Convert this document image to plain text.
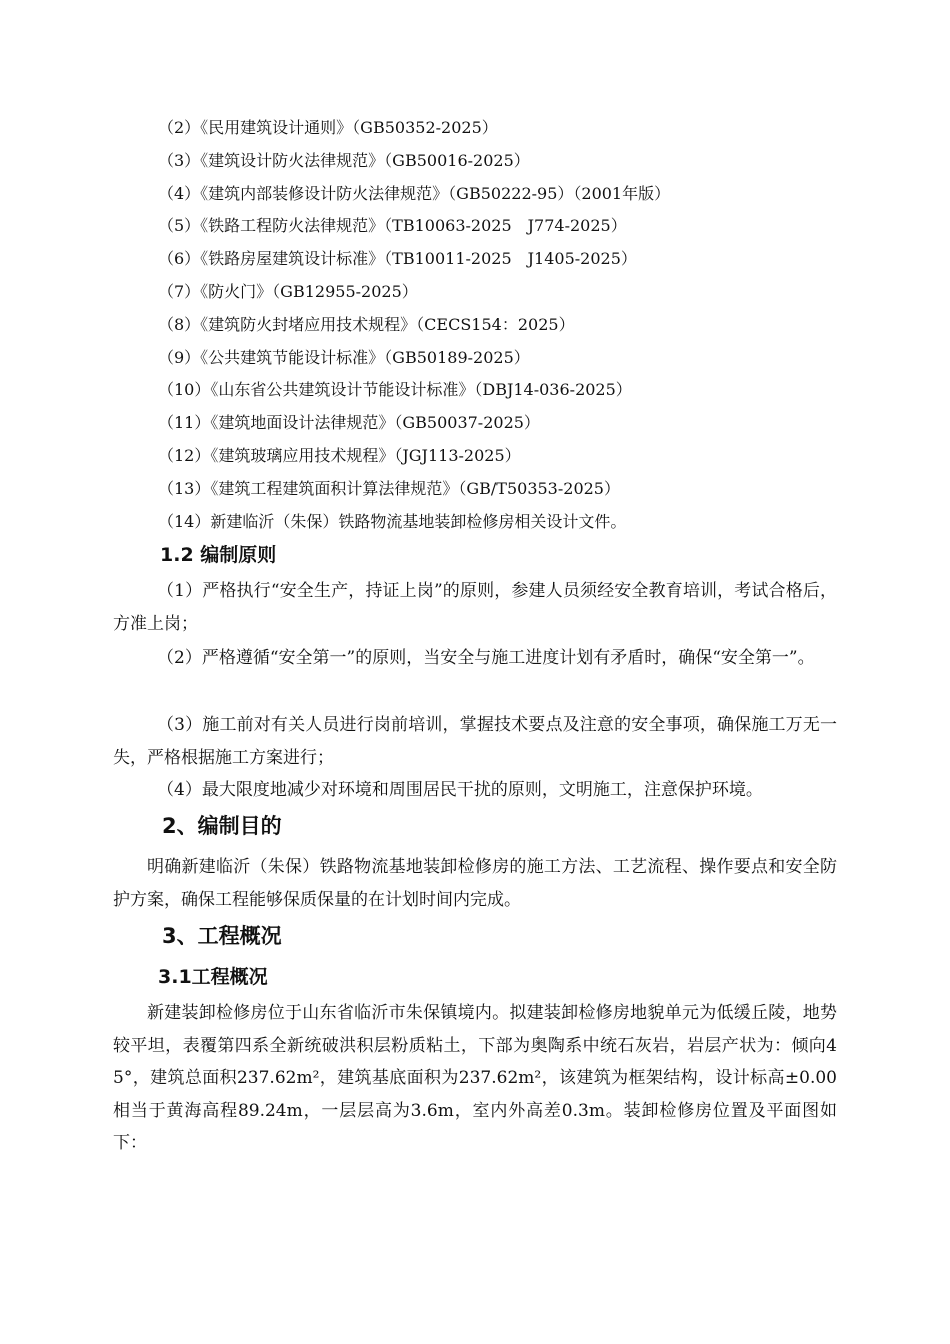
（2）《民用建筑设计通则》（GB50352-2025）
（3）《建筑设计防火法律规范》（GB50016-2025）
（4）《建筑内部装修设计防火法律规范》（GB50222-95）（2001年版）
（5）《铁路工程防火法律规范》（TB10063-2025　J774-2025）
（6）《铁路房屋建筑设计标准》（TB10011-2025　J1405-2025）
（7）《防火门》（GB12955-2025）
（8）《建筑防火封堵应用技术规程》（CECS154：2025）
（9）《公共建筑节能设计标准》（GB50189-2025）
（10）《山东省公共建筑设计节能设计标准》（DBJ14-036-2025）
（11）《建筑地面设计法律规范》（GB50037-2025）
（12）《建筑玻璃应用技术规程》（JGJ113-2025）
（13）《建筑工程建筑面积计算法律规范》（GB/T50353-2025）
（14）新建临沂（朱保）铁路物流基地装卸检修房相关设计文件。
1.2 编制原则

（1）严格执行“安全生产，持证上岗”的原则，参建人员须经安全教育培训，考试合格后，方准上岗；

（2）严格遵循“安全第一”的原则，当安全与施工进度计划有矛盾时，确保“安全第一”。

（3）施工前对有关人员进行岗前培训，掌握技术要点及注意的安全事项，确保施工万无一失，严格根据施工方案进行；

（4）最大限度地减少对环境和周围居民干扰的原则，文明施工，注意保护环境。

2、编制目的

明确新建临沂（朱保）铁路物流基地装卸检修房的施工方法、工艺流程、操作要点和安全防护方案，确保工程能够保质保量的在计划时间内完成。

3、工程概况
3.1工程概况

新建装卸检修房位于山东省临沂市朱保镇境内。拟建装卸检修房地貌单元为低缓丘陵，地势较平坦，表覆第四系全新统破洪积层粉质粘土，下部为奥陶系中统石灰岩，岩层产状为：倾向45°，建筑总面积237.62m²，建筑基底面积为237.62m²，该建筑为框架结构，设计标高±0.00相当于黄海高程89.24m，一层层高为3.6m，室内外高差0.3m。装卸检修房位置及平面图如下：
